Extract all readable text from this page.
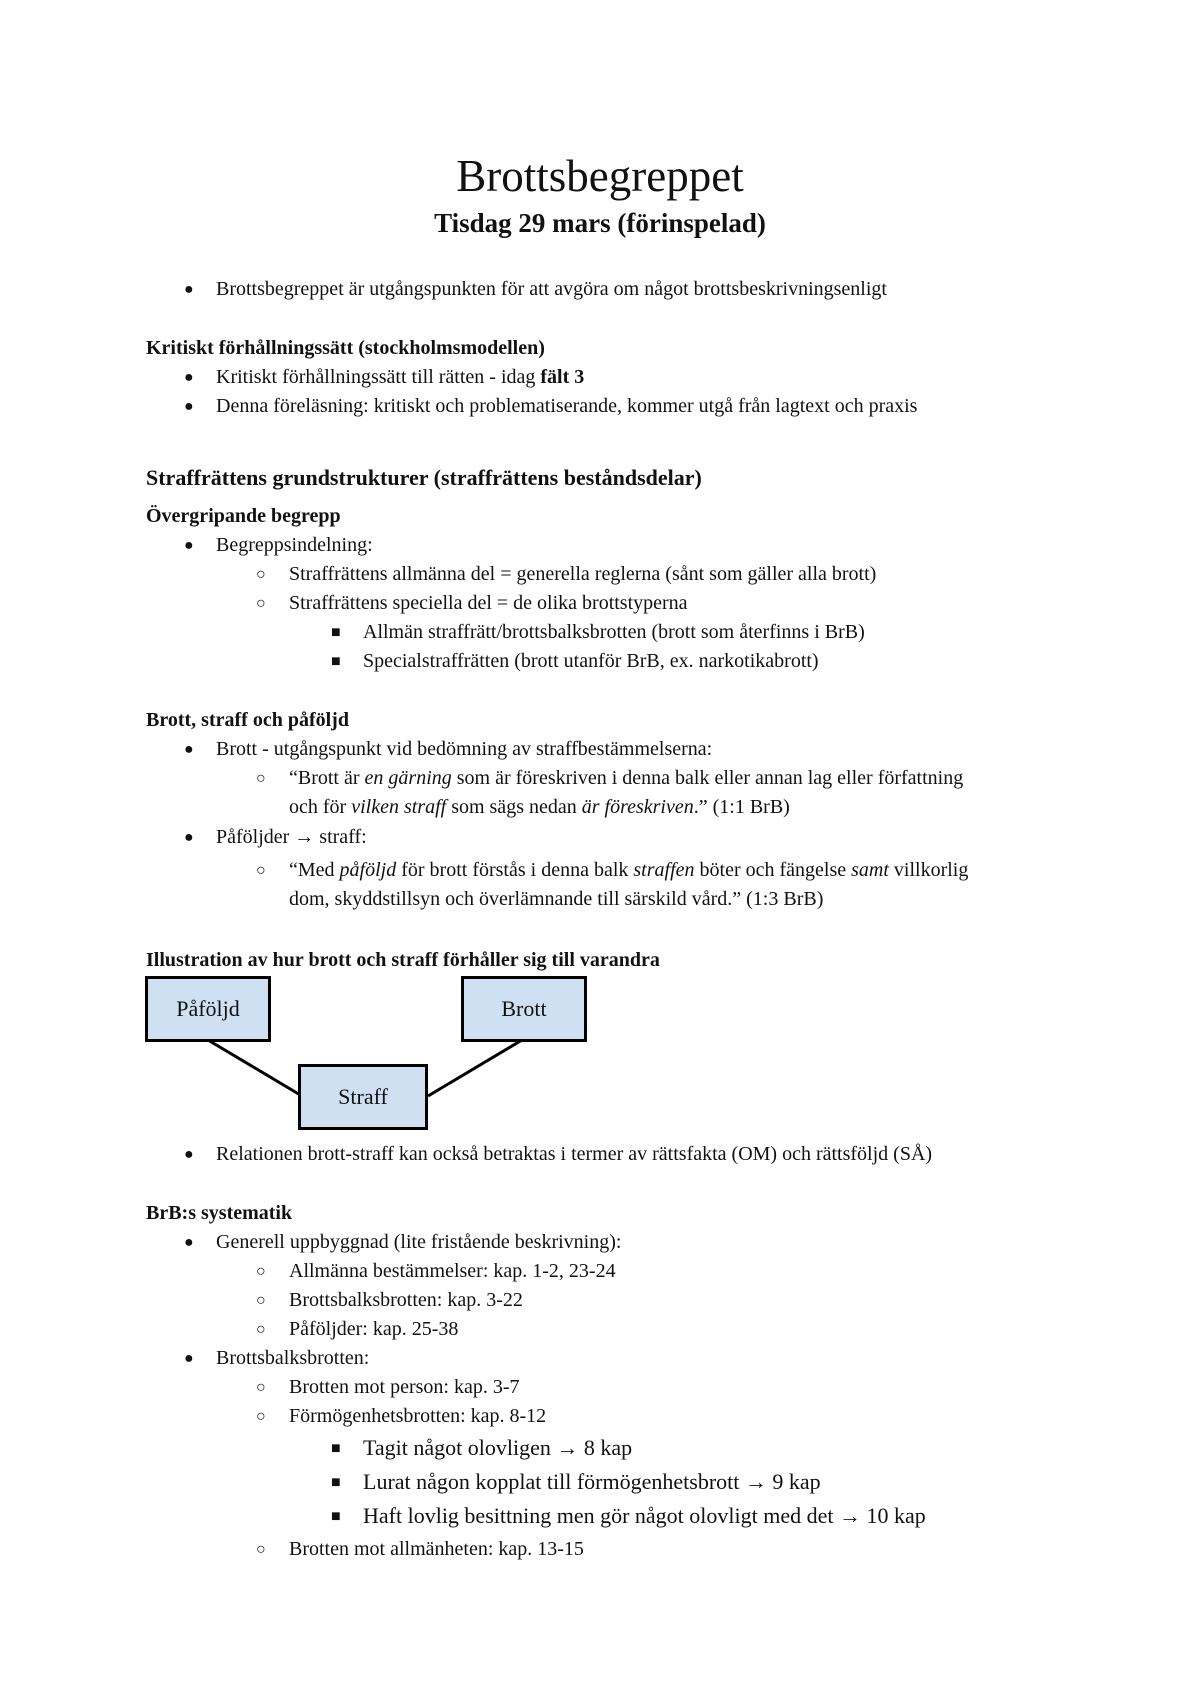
Brottsbegreppet
Tisdag 29 mars (förinspelad)
● Brottsbegreppet är utgångspunkten för att avgöra om något brottsbeskrivningsenligt
Kritiskt förhållningssätt (stockholmsmodellen)
● Kritiskt förhållningssätt till rätten - idag fält 3
● Denna föreläsning: kritiskt och problematiserande, kommer utgå från lagtext och praxis
Straffrättens grundstrukturer (straffrättens beståndsdelar)
Övergripande begrepp
● Begreppsindelning:
○ Straffrättens allmänna del = generella reglerna (sånt som gäller alla brott)
○ Straffrättens speciella del = de olika brottstyperna
■ Allmän straffrätt/brottsbalksbrotten (brott som återfinns i BrB)
■ Specialstraffrätten (brott utanför BrB, ex. narkotikabrott)
Brott, straff och påföljd
● Brott - utgångspunkt vid bedömning av straffbestämmelserna:
○ “Brott är en gärning som är föreskriven i denna balk eller annan lag eller författning
och för vilken straff som sägs nedan är föreskriven.” (1:1 BrB)
● Påföljder → straff:
○ “Med påföljd för brott förstås i denna balk straffen böter och fängelse samt villkorlig
dom, skyddstillsyn och överlämnande till särskild vård.” (1:3 BrB)
Illustration av hur brott och straff förhåller sig till varandra
Påföljd	Brott
Straff
● Relationen brott-straff kan också betraktas i termer av rättsfakta (OM) och rättsföljd (SÅ)
BrB:s systematik
● Generell uppbyggnad (lite fristående beskrivning):
○ Allmänna bestämmelser: kap. 1-2, 23-24
○ Brottsbalksbrotten: kap. 3-22
○ Påföljder: kap. 25-38
● Brottsbalksbrotten:
○ Brotten mot person: kap. 3-7
○ Förmögenhetsbrotten: kap. 8-12
■ Tagit något olovligen → 8 kap
■ Lurat någon kopplat till förmögenhetsbrott → 9 kap
■ Haft lovlig besittning men gör något olovligt med det → 10 kap
○ Brotten mot allmänheten: kap. 13-15
